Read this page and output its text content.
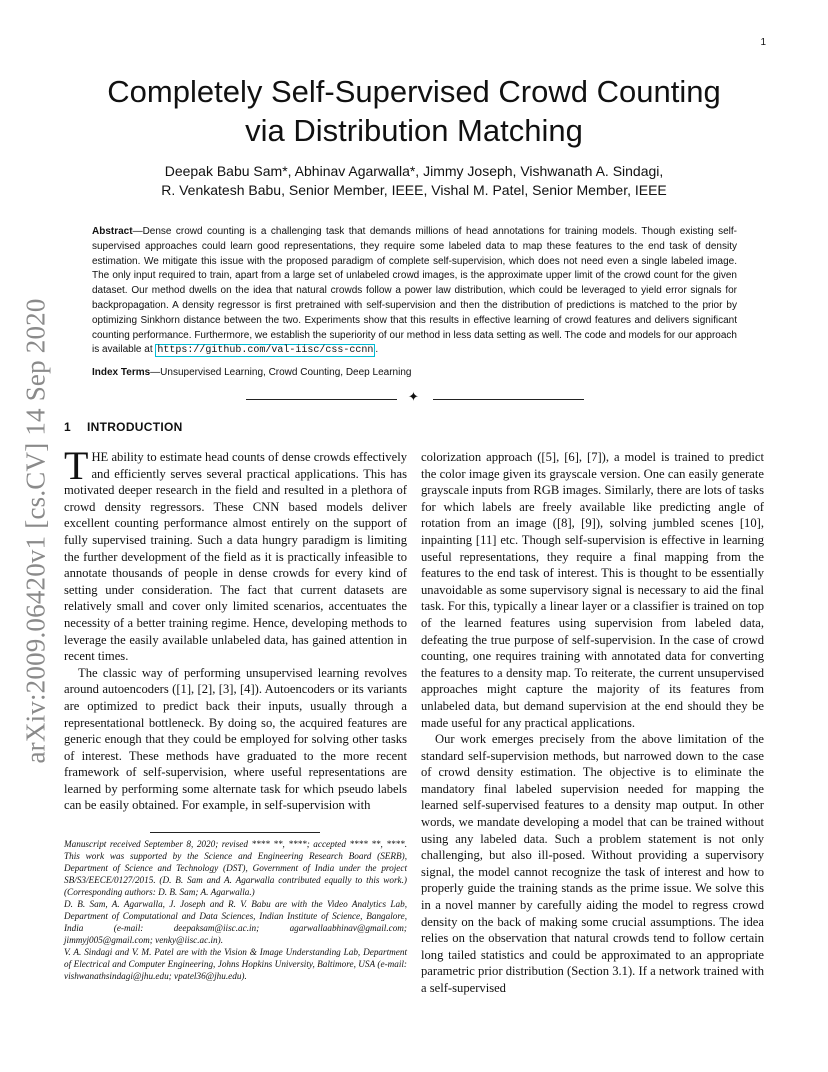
1
arXiv:2009.06420v1 [cs.CV] 14 Sep 2020
Completely Self-Supervised Crowd Counting
via Distribution Matching
Deepak Babu Sam*, Abhinav Agarwalla*, Jimmy Joseph, Vishwanath A. Sindagi,
R. Venkatesh Babu, Senior Member, IEEE, Vishal M. Patel, Senior Member, IEEE
Abstract—Dense crowd counting is a challenging task that demands millions of head annotations for training models. Though existing self-supervised approaches could learn good representations, they require some labeled data to map these features to the end task of density estimation. We mitigate this issue with the proposed paradigm of complete self-supervision, which does not need even a single labeled image. The only input required to train, apart from a large set of unlabeled crowd images, is the approximate upper limit of the crowd count for the given dataset. Our method dwells on the idea that natural crowds follow a power law distribution, which could be leveraged to yield error signals for backpropagation. A density regressor is first pretrained with self-supervision and then the distribution of predictions is matched to the prior by optimizing Sinkhorn distance between the two. Experiments show that this results in effective learning of crowd features and delivers significant counting performance. Furthermore, we establish the superiority of our method in less data setting as well. The code and models for our approach is available at https://github.com/val-iisc/css-ccnn .
Index Terms—Unsupervised Learning, Crowd Counting, Deep Learning
✦
1 INTRODUCTION

THE ability to estimate head counts of dense crowds effectively and efficiently serves several practical applications. This has motivated deeper research in the field and resulted in a plethora of crowd density regressors. These CNN based models deliver excellent counting performance almost entirely on the support of fully supervised training. Such a data hungry paradigm is limiting the further development of the field as it is practically infeasible to annotate thousands of people in dense crowds for every kind of setting under consideration. The fact that current datasets are relatively small and cover only limited scenarios, accentuates the necessity of a better training regime. Hence, developing methods to leverage the easily available unlabeled data, has gained attention in recent times.

The classic way of performing unsupervised learning revolves around autoencoders ([1], [2], [3], [4]). Autoencoders or its variants are optimized to predict back their inputs, usually through a representational bottleneck. By doing so, the acquired features are generic enough that they could be employed for solving other tasks of interest. These methods have graduated to the more recent framework of self-supervision, where useful representations are learned by performing some alternate task for which pseudo labels can be easily obtained. For example, in self-supervision with

Manuscript received September 8, 2020; revised **** **, ****; accepted **** **, ****. This work was supported by the Science and Engineering Research Board (SERB), Department of Science and Technology (DST), Government of India under the project SB/S3/EECE/0127/2015. (D. B. Sam and A. Agarwalla contributed equally to this work.) (Corresponding authors: D. B. Sam; A. Agarwalla.)

D. B. Sam, A. Agarwalla, J. Joseph and R. V. Babu are with the Video Analytics Lab, Department of Computational and Data Sciences, Indian Institute of Science, Bangalore, India (e-mail: deepaksam@iisc.ac.in; agarwallaabhinav@gmail.com; jimmyj005@gmail.com; venky@iisc.ac.in).

V. A. Sindagi and V. M. Patel are with the Vision & Image Understanding Lab, Department of Electrical and Computer Engineering, Johns Hopkins University, Baltimore, USA (e-mail: vishwanathsindagi@jhu.edu; vpatel36@jhu.edu).

colorization approach ([5], [6], [7]), a model is trained to predict the color image given its grayscale version. One can easily generate grayscale inputs from RGB images. Similarly, there are lots of tasks for which labels are freely available like predicting angle of rotation from an image ([8], [9]), solving jumbled scenes [10], inpainting [11] etc. Though self-supervision is effective in learning useful representations, they require a final mapping from the features to the end task of interest. This is thought to be essentially unavoidable as some supervisory signal is necessary to aid the final task. For this, typically a linear layer or a classifier is trained on top of the learned features using supervision from labeled data, defeating the true purpose of self-supervision. In the case of crowd counting, one requires training with annotated data for converting the features to a density map. To reiterate, the current unsupervised approaches might capture the majority of its features from unlabeled data, but demand supervision at the end should they be made useful for any practical applications.

Our work emerges precisely from the above limitation of the standard self-supervision methods, but narrowed down to the case of crowd density estimation. The objective is to eliminate the mandatory final labeled supervision needed for mapping the learned self-supervised features to a density map output. In other words, we mandate developing a model that can be trained without using any labeled data. Such a problem statement is not only challenging, but also ill-posed. Without providing a supervisory signal, the model cannot recognize the task of interest and how to properly guide the training stands as the prime issue. We solve this in a novel manner by carefully aiding the model to regress crowd density on the back of making some crucial assumptions. The idea relies on the observation that natural crowds tend to follow certain long tailed statistics and could be approximated to an appropriate parametric prior distribution (Section 3.1). If a network trained with a self-supervised
